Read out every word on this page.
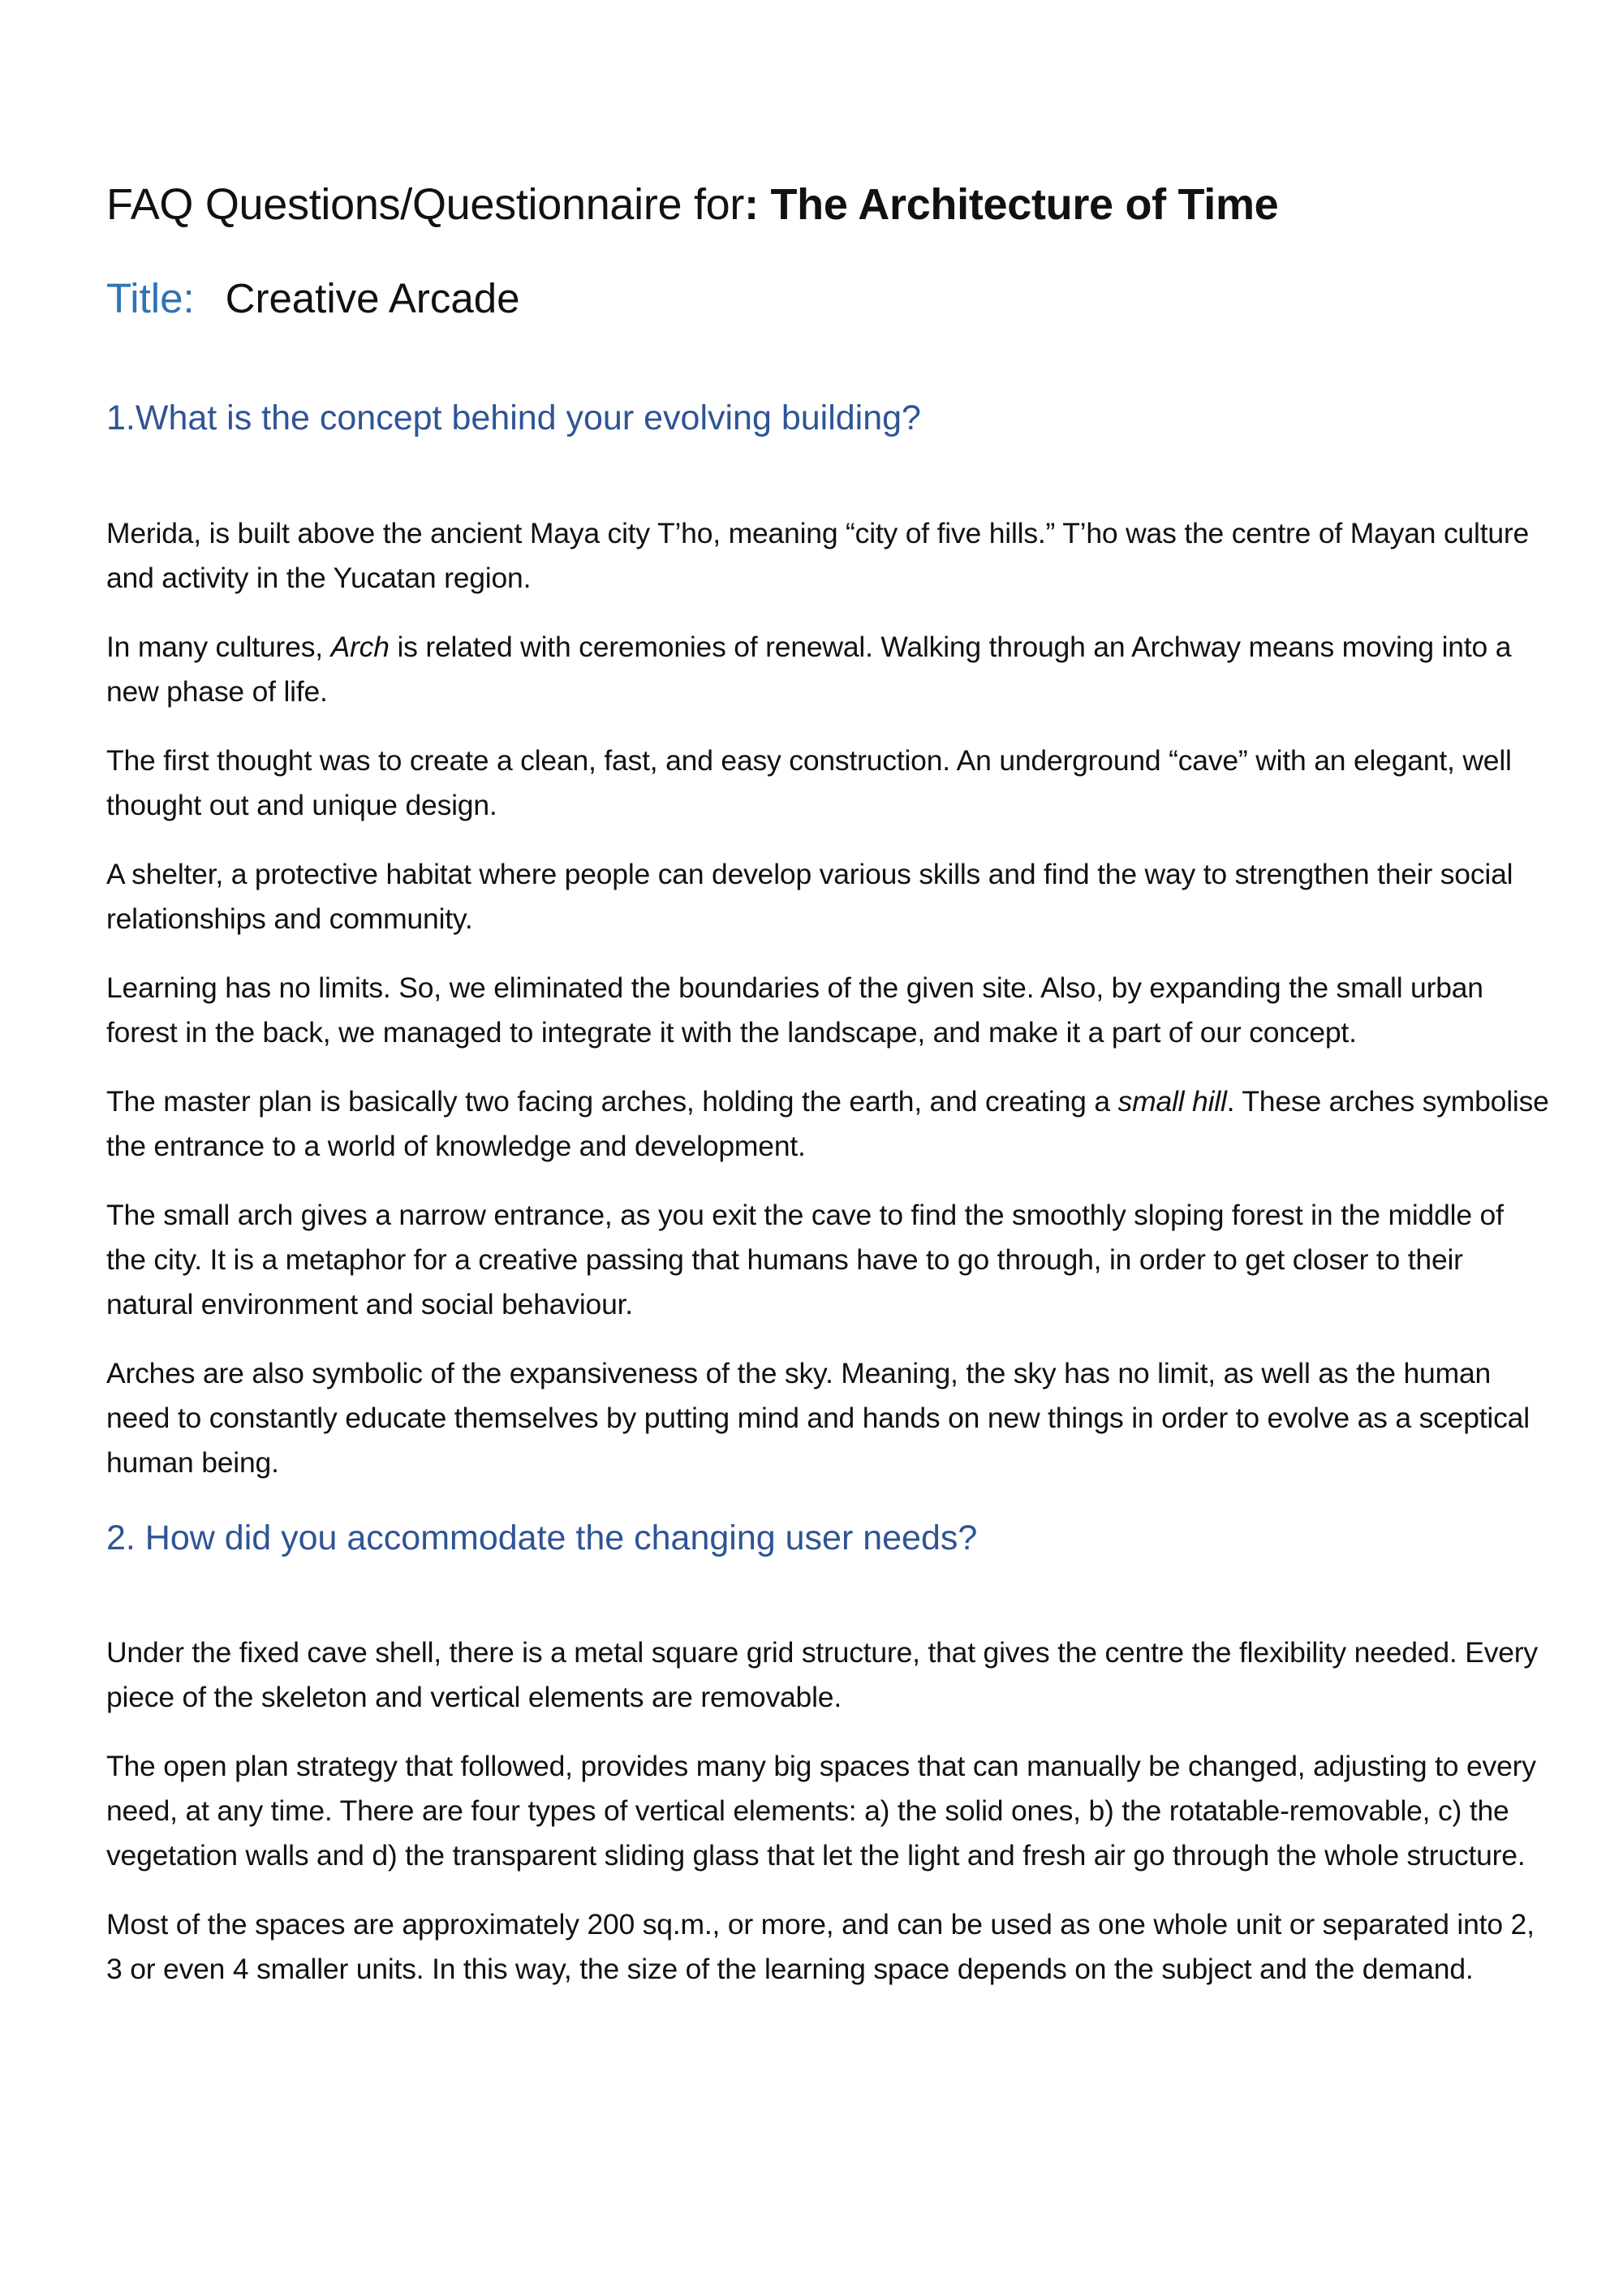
FAQ Questions/Questionnaire for: The Architecture of Time
Title: Creative Arcade
1.What is the concept behind your evolving building?

Merida, is built above the ancient Maya city T’ho, meaning “city of five hills.” T’ho was the centre of Mayan culture and activity in the Yucatan region.

In many cultures, Arch is related with ceremonies of renewal. Walking through an Archway means moving into a new phase of life.

The first thought was to create a clean, fast, and easy construction. An underground “cave” with an elegant, well thought out and unique design.

A shelter, a protective habitat where people can develop various skills and find the way to strengthen their social relationships and community.

Learning has no limits. So, we eliminated the boundaries of the given site. Also, by expanding the small urban forest in the back, we managed to integrate it with the landscape, and make it a part of our concept.

The master plan is basically two facing arches, holding the earth, and creating a small hill. These arches symbolise the entrance to a world of knowledge and development.

The small arch gives a narrow entrance, as you exit the cave to find the smoothly sloping forest in the middle of the city. It is a metaphor for a creative passing that humans have to go through, in order to get closer to their natural environment and social behaviour.

Arches are also symbolic of the expansiveness of the sky. Meaning, the sky has no limit, as well as the human need to constantly educate themselves by putting mind and hands on new things in order to evolve as a sceptical human being.

2. How did you accommodate the changing user needs?

Under the fixed cave shell, there is a metal square grid structure, that gives the centre the flexibility needed. Every piece of the skeleton and vertical elements are removable.

The open plan strategy that followed, provides many big spaces that can manually be changed, adjusting to every need, at any time. There are four types of vertical elements: a) the solid ones, b) the rotatable-removable, c) the vegetation walls and d) the transparent sliding glass that let the light and fresh air go through the whole structure.

Most of the spaces are approximately 200 sq.m., or more, and can be used as one whole unit or separated into 2, 3 or even 4 smaller units. In this way, the size of the learning space depends on the subject and the demand.
